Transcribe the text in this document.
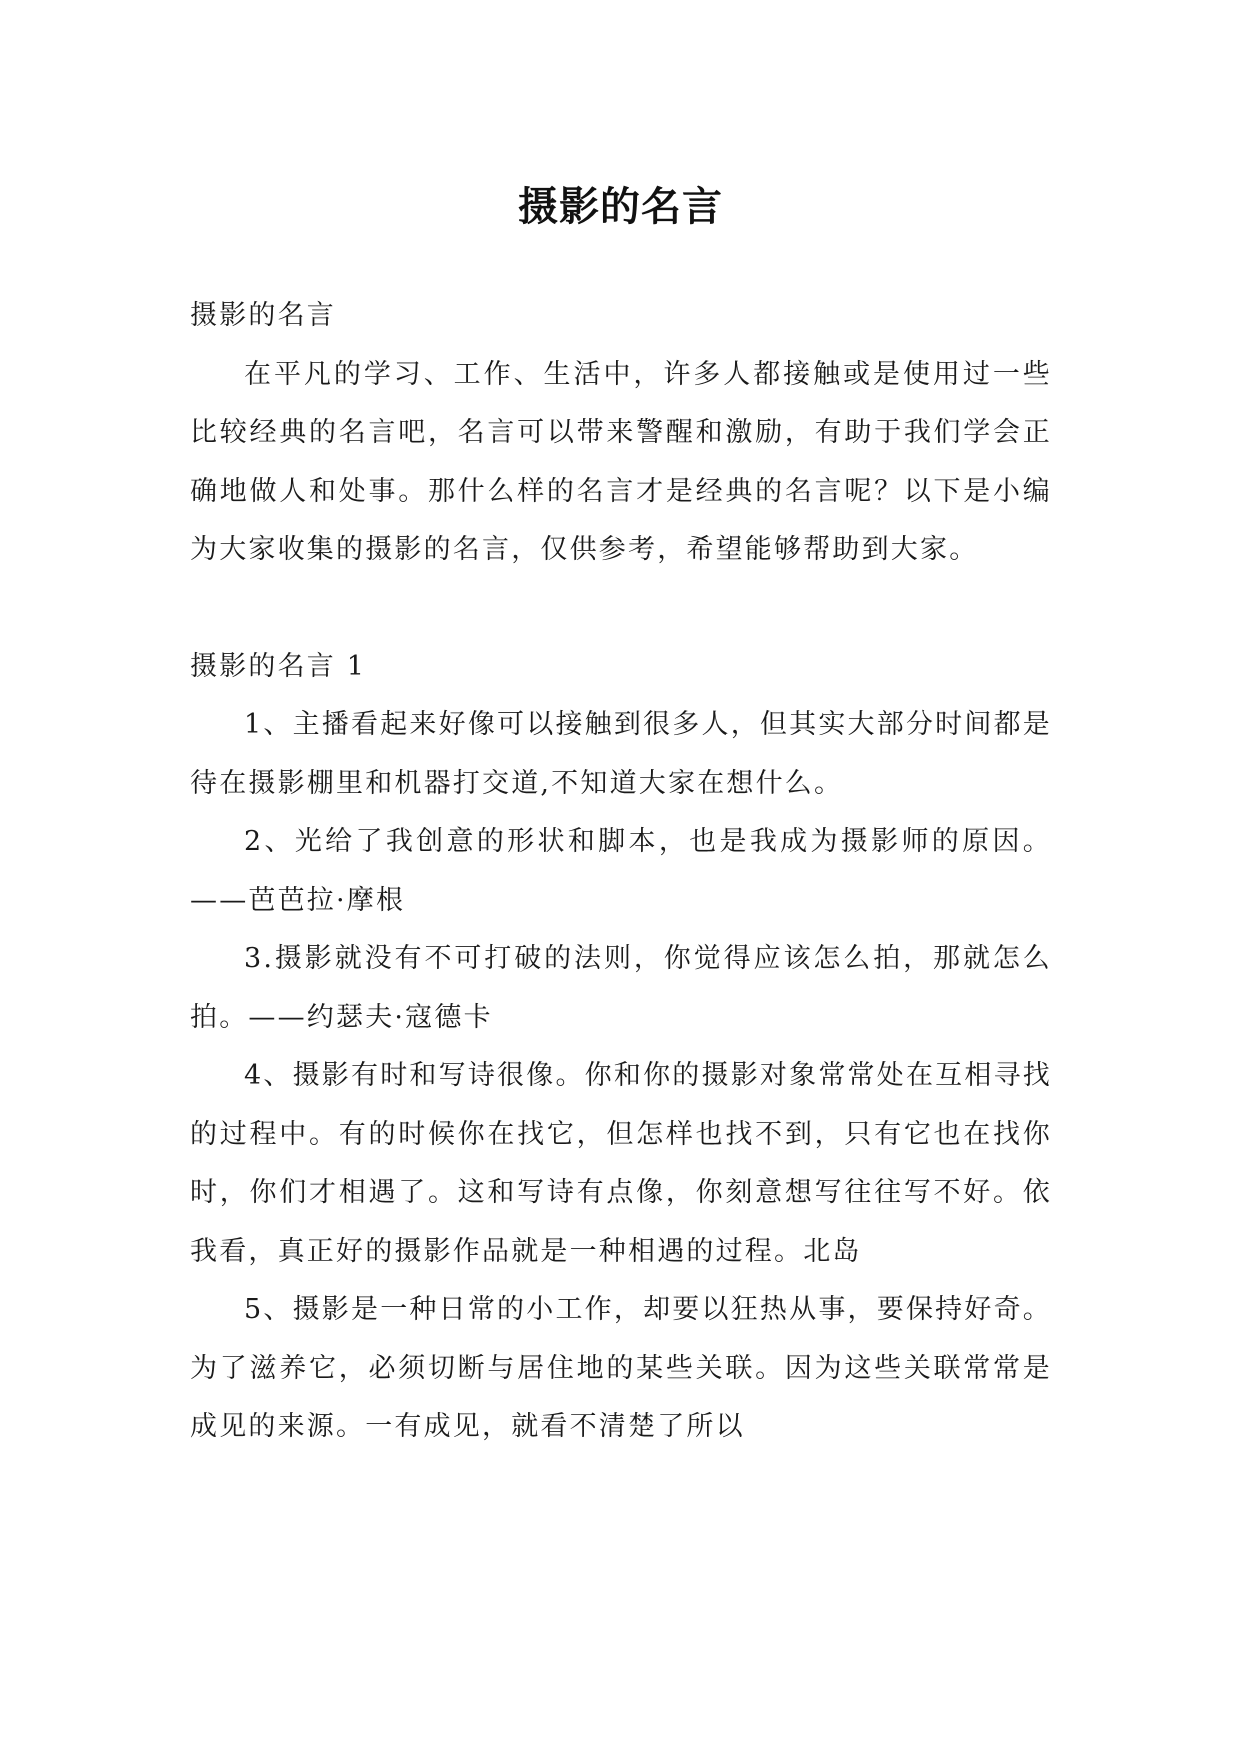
摄影的名言

摄影的名言

在平凡的学习、工作、生活中，许多人都接触或是使用过一些比较经典的名言吧，名言可以带来警醒和激励，有助于我们学会正确地做人和处事。那什么样的名言才是经典的名言呢？以下是小编为大家收集的摄影的名言，仅供参考，希望能够帮助到大家。

摄影的名言 1

1、主播看起来好像可以接触到很多人，但其实大部分时间都是待在摄影棚里和机器打交道,不知道大家在想什么。

2、光给了我创意的形状和脚本，也是我成为摄影师的原因。——芭芭拉·摩根

3.摄影就没有不可打破的法则，你觉得应该怎么拍，那就怎么拍。——约瑟夫·寇德卡

4、摄影有时和写诗很像。你和你的摄影对象常常处在互相寻找的过程中。有的时候你在找它，但怎样也找不到，只有它也在找你时，你们才相遇了。这和写诗有点像，你刻意想写往往写不好。依我看，真正好的摄影作品就是一种相遇的过程。北岛

5、摄影是一种日常的小工作，却要以狂热从事，要保持好奇。为了滋养它，必须切断与居住地的某些关联。因为这些关联常常是成见的来源。一有成见，就看不清楚了所以
